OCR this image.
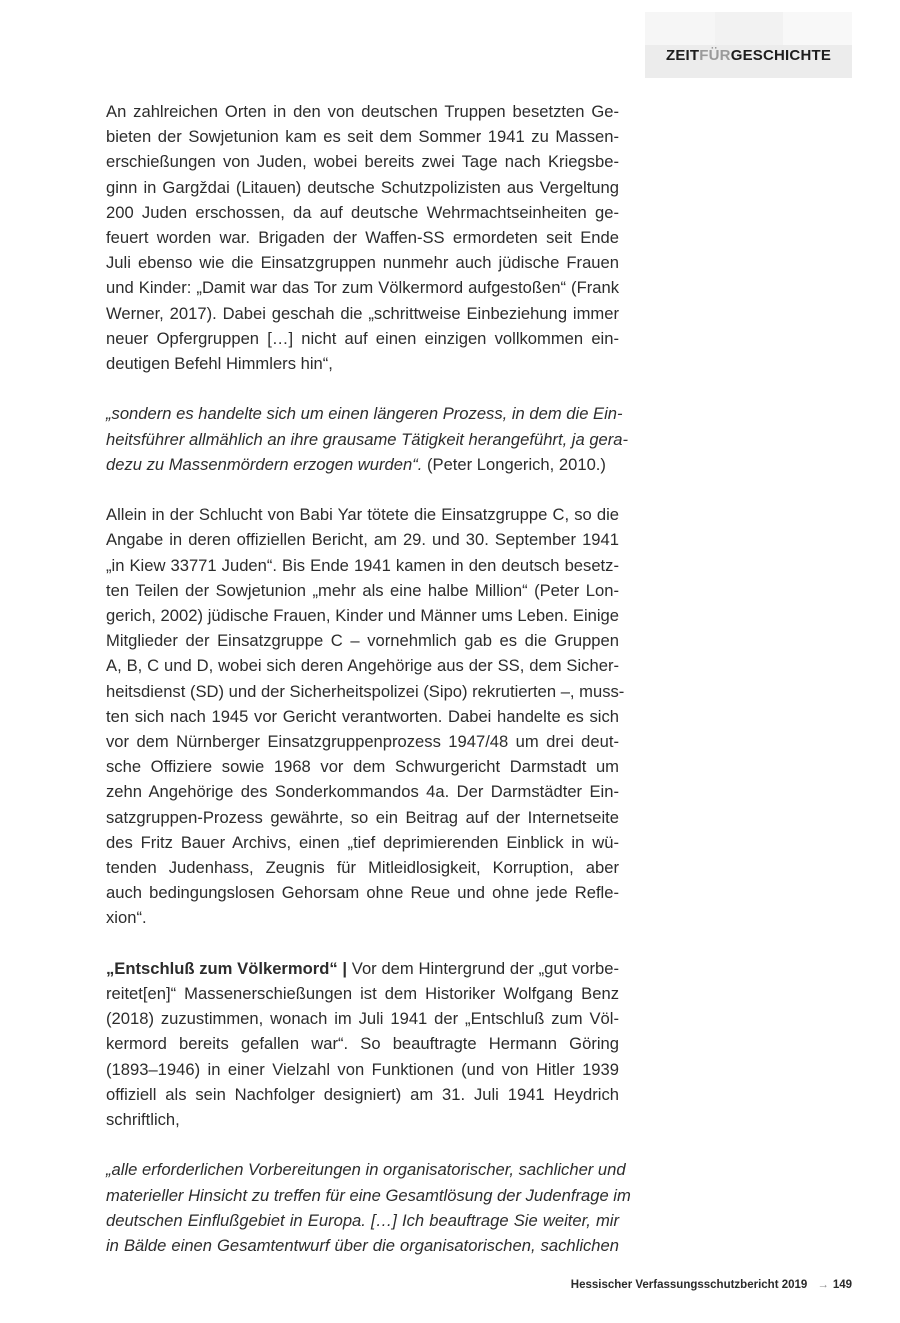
ZEITFÜRGESCHICHTE

An zahlreichen Orten in den von deutschen Truppen besetzten Ge-
bieten der Sowjetunion kam es seit dem Sommer 1941 zu Massen-
erschießungen von Juden, wobei bereits zwei Tage nach Kriegsbe-
ginn in Gargždai (Litauen) deutsche Schutzpolizisten aus Vergeltung
200 Juden erschossen, da auf deutsche Wehrmachtseinheiten ge-
feuert worden war. Brigaden der Waffen-SS ermordeten seit Ende
Juli ebenso wie die Einsatzgruppen nunmehr auch jüdische Frauen
und Kinder: „Damit war das Tor zum Völkermord aufgestoßen“ (Frank
Werner, 2017). Dabei geschah die „schrittweise Einbeziehung immer
neuer Opfergruppen […] nicht auf einen einzigen vollkommen ein-
deutigen Befehl Himmlers hin“,

„sondern es handelte sich um einen längeren Prozess, in dem die Ein-
heitsführer allmählich an ihre grausame Tätigkeit herangeführt, ja gera-
dezu zu Massenmördern erzogen wurden“. (Peter Longerich, 2010.)

Allein in der Schlucht von Babi Yar tötete die Einsatzgruppe C, so die
Angabe in deren offiziellen Bericht, am 29. und 30. September 1941
„in Kiew 33771 Juden“. Bis Ende 1941 kamen in den deutsch besetz-
ten Teilen der Sowjetunion „mehr als eine halbe Million“ (Peter Lon-
gerich, 2002) jüdische Frauen, Kinder und Männer ums Leben. Einige
Mitglieder der Einsatzgruppe C – vornehmlich gab es die Gruppen
A, B, C und D, wobei sich deren Angehörige aus der SS, dem Sicher-
heitsdienst (SD) und der Sicherheitspolizei (Sipo) rekrutierten –, muss-
ten sich nach 1945 vor Gericht verantworten. Dabei handelte es sich
vor dem Nürnberger Einsatzgruppenprozess 1947/48 um drei deut-
sche Offiziere sowie 1968 vor dem Schwurgericht Darmstadt um
zehn Angehörige des Sonderkommandos 4a. Der Darmstädter Ein-
satzgruppen-Prozess gewährte, so ein Beitrag auf der Internetseite
des Fritz Bauer Archivs, einen „tief deprimierenden Einblick in wü-
tenden Judenhass, Zeugnis für Mitleidlosigkeit, Korruption, aber
auch bedingungslosen Gehorsam ohne Reue und ohne jede Refle-
xion“.

„Entschluß zum Völkermord“ | Vor dem Hintergrund der „gut vorbe-
reitet[en]“ Massenerschießungen ist dem Historiker Wolfgang Benz
(2018) zuzustimmen, wonach im Juli 1941 der „Entschluß zum Völ-
kermord bereits gefallen war“. So beauftragte Hermann Göring
(1893–1946) in einer Vielzahl von Funktionen (und von Hitler 1939
offiziell als sein Nachfolger designiert) am 31. Juli 1941 Heydrich
schriftlich,

„alle erforderlichen Vorbereitungen in organisatorischer, sachlicher und
materieller Hinsicht zu treffen für eine Gesamtlösung der Judenfrage im
deutschen Einflußgebiet in Europa. […] Ich beauftrage Sie weiter, mir
in Bälde einen Gesamtentwurf über die organisatorischen, sachlichen

Hessischer Verfassungsschutzbericht 2019 → 149
